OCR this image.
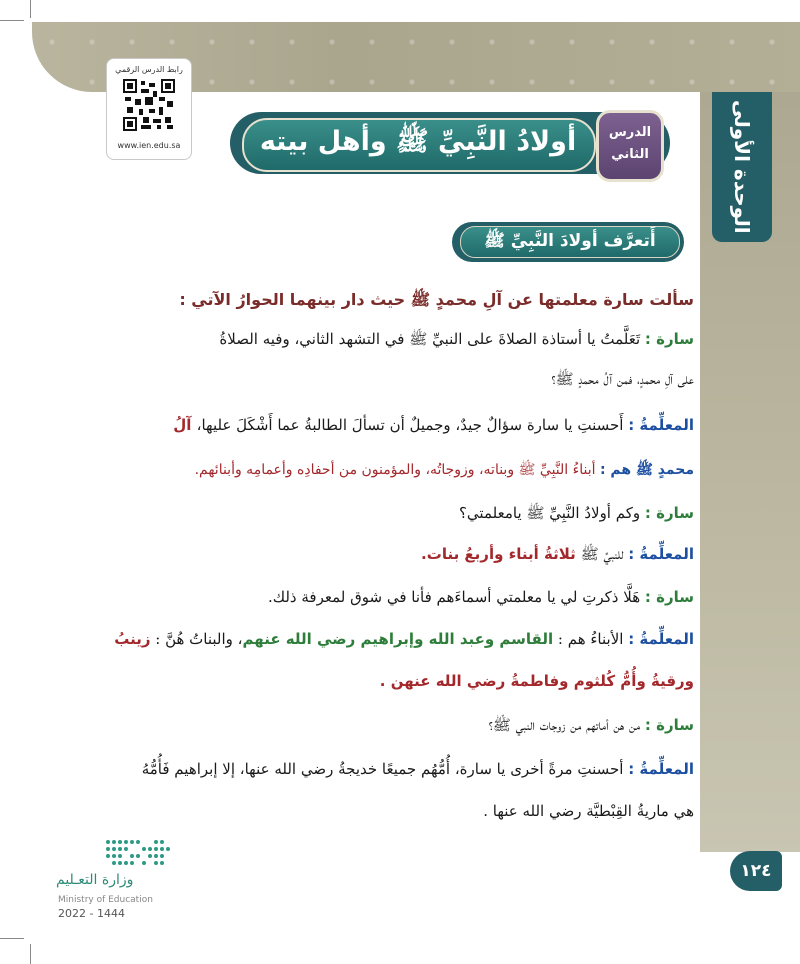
الوحدة الأولى
رابط الدرس الرقمي
www.ien.edu.sa	أولادُ النَّبِيِّ ﷺ وأهل بيته	الدرس
الثاني
أَتعرَّف أولادَ النَّبِيِّ ﷺ
سألت سارة معلمتها عن آلِ محمدٍ ﷺ حيث دار بينهما الحوارُ الآتي :
سارة : تَعَلَّمتُ يا أستاذة الصلاةَ على النبيِّ ﷺ في التشهد الثاني، وفيه الصلاةُ
على آلِ محمدٍ، فمن آلُ محمدٍ ﷺ؟
المعلِّمةُ : أَحسنتِ يا سارة سؤالٌ جيدٌ، وجميلٌ أن تسألَ الطالبةُ عما أَشْكَلَ عليها، آلُ
محمدٍ ﷺ هم : أبناءُ النَّبِيِّ ﷺ وبناته، وزوجاتُه، والمؤمنون من أحفادِه وأعمامِه وأبنائهم.
سارة : وكم أولادُ النَّبِيِّ ﷺ يامعلمتي؟
المعلِّمةُ : للنبيِّ ﷺ ثلاثةُ أبناء وأربعُ بنات.
سارة : هَلَّا ذكرتِ لي يا معلمتي أسماءَهم فأنا في شوق لمعرفة ذلك.
المعلِّمةُ : الأبناءُ هم : القاسم وعبد الله وإبراهيم رضي الله عنهم، والبناتُ هُنَّ : زينبُ
ورقيةُ وأُمُّ كُلثوم وفاطمةُ رضي الله عنهن .
سارة : من هن أماتهم من زوجات النبي ﷺ؟
المعلِّمةُ : أحسنتِ مرةً أخرى يا سارة، أُمُّهُم جميعًا خديجةُ رضي الله عنها، إلا إبراهيم فَأُمُّهُ
هي ماريةُ القِبْطيَّة رضي الله عنها .
١٢٤
وزارة التعـليم
Ministry of Education
2022 - 1444
